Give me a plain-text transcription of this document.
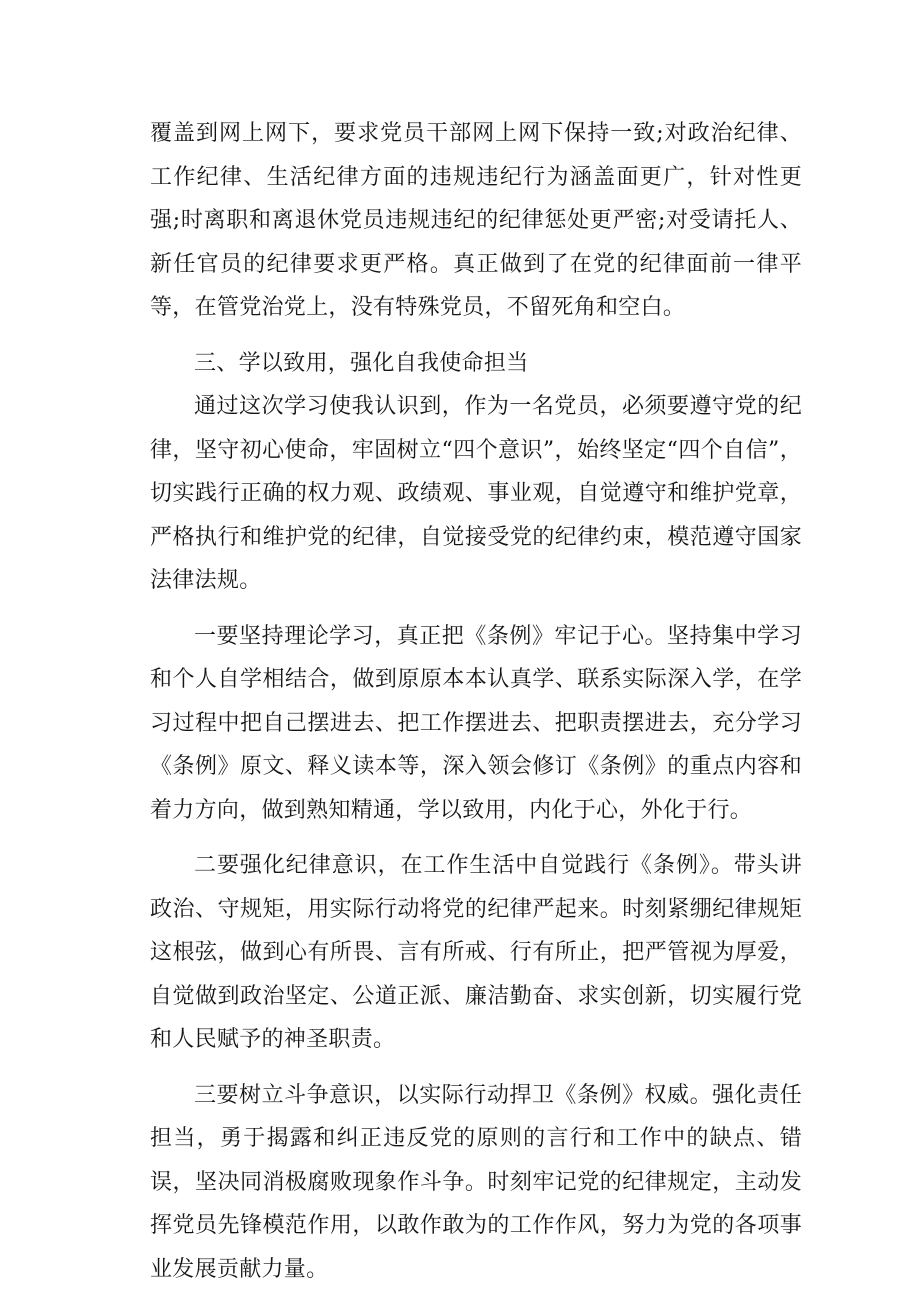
覆盖到网上网下，要求党员干部网上网下保持一致;对政治纪律、工作纪律、生活纪律方面的违规违纪行为涵盖面更广，针对性更强;时离职和离退休党员违规违纪的纪律惩处更严密;对受请托人、新任官员的纪律要求更严格。真正做到了在党的纪律面前一律平等，在管党治党上，没有特殊党员，不留死角和空白。

三、学以致用，强化自我使命担当

通过这次学习使我认识到，作为一名党员，必须要遵守党的纪律，坚守初心使命，牢固树立“四个意识”，始终坚定“四个自信”，切实践行正确的权力观、政绩观、事业观，自觉遵守和维护党章，严格执行和维护党的纪律，自觉接受党的纪律约束，模范遵守国家法律法规。

一要坚持理论学习，真正把《条例》牢记于心。坚持集中学习和个人自学相结合，做到原原本本认真学、联系实际深入学，在学习过程中把自己摆进去、把工作摆进去、把职责摆进去，充分学习《条例》原文、释义读本等，深入领会修订《条例》的重点内容和着力方向，做到熟知精通，学以致用，内化于心，外化于行。

二要强化纪律意识，在工作生活中自觉践行《条例》。带头讲政治、守规矩，用实际行动将党的纪律严起来。时刻紧绷纪律规矩这根弦，做到心有所畏、言有所戒、行有所止，把严管视为厚爱，自觉做到政治坚定、公道正派、廉洁勤奋、求实创新，切实履行党和人民赋予的神圣职责。

三要树立斗争意识，以实际行动捍卫《条例》权威。强化责任担当，勇于揭露和纠正违反党的原则的言行和工作中的缺点、错误，坚决同消极腐败现象作斗争。时刻牢记党的纪律规定，主动发挥党员先锋模范作用，以敢作敢为的工作作风，努力为党的各项事业发展贡献力量。
